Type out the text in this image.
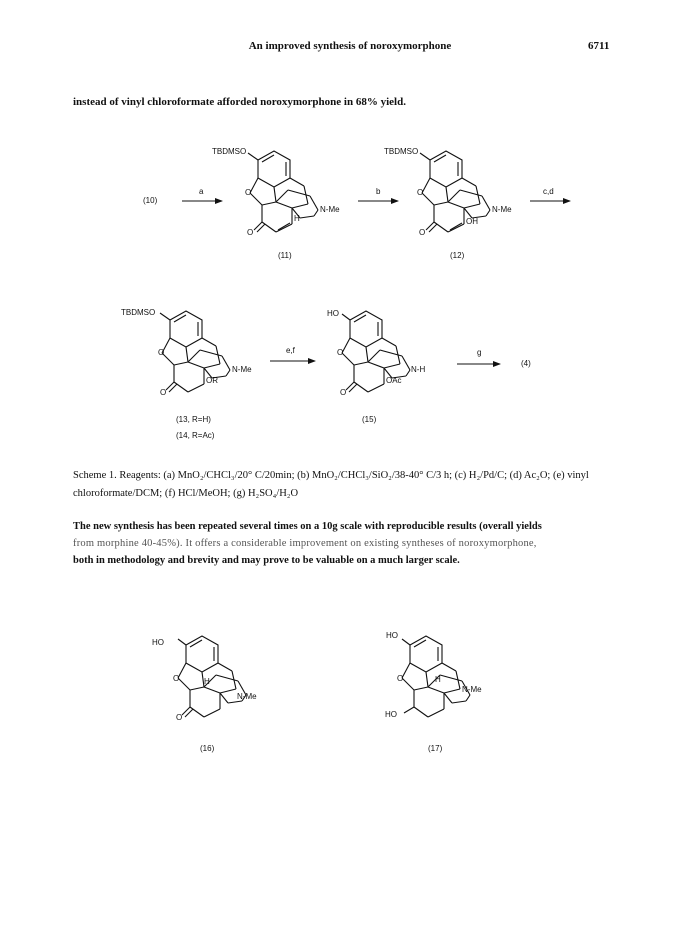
An improved synthesis of noroxymorphone	6711
instead of vinyl chloroformate afforded noroxymorphone in 68% yield.
(10)
a
TBDMSO
O
O
N-Me
H
(11)
b
TBDMSO
O
O
N-Me
OH
(12)
c,d
TBDMSO
O
O
N-Me
OR
(13, R=H)
(14, R=Ac)
e,f
HO
O
O
N-H
OAc
(15)
g
(4)
HO
O	H
O
N-Me
(16)
HO
O	H
HO
N-Me
(17)
Scheme 1. Reagents: (a) MnO₂/CHCl₃/20° C/20min; (b) MnO₂/CHCl₃/SiO₂/38-40° C/3 h; (c) H₂/Pd/C; (d) Ac₂O; (e) vinyl chloroformate/DCM; (f) HCl/MeOH; (g) H₂SO₄/H₂O
The new synthesis has been repeated several times on a 10g scale with reproducible results (overall yields
from morphine 40-45%). It offers a considerable improvement on existing syntheses of noroxymorphone,
both in methodology and brevity and may prove to be valuable on a much larger scale.
